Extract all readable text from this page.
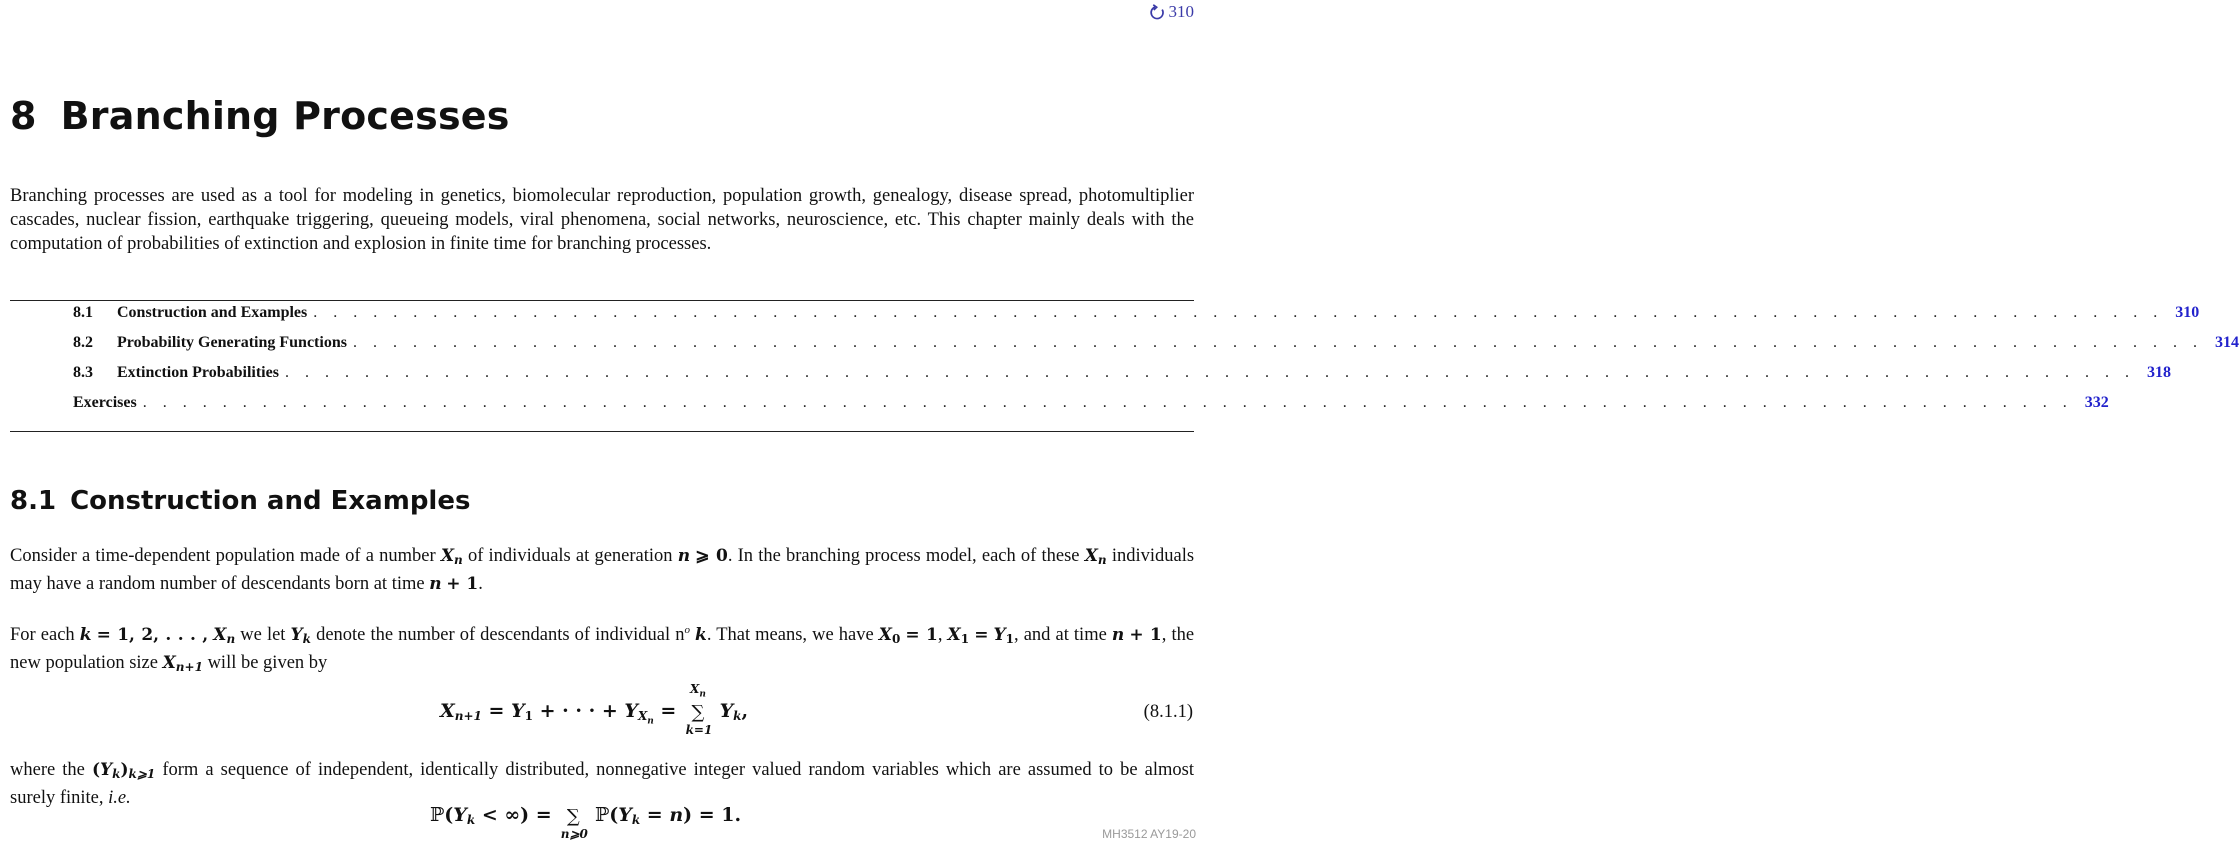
310
8 Branching Processes

Branching processes are used as a tool for modeling in genetics, biomolecular reproduction, population growth, genealogy, disease spread, photomultiplier cascades, nuclear fission, earthquake triggering, queueing models, viral phenomena, social networks, neuroscience, etc. This chapter mainly deals with the computation of probabilities of extinction and explosion in finite time for branching processes.

8.1	Construction and Examples . . . . . . . . . . . . . . . . . . . . . . . . . . . . . . . . . . . . . . . . . . . . . . . . . . . . . . . . . . . . . . . . . . . . . . . . . . . . . . . . . . . . . . . . . . . . . 310
8.2	Probability Generating Functions . . . . . . . . . . . . . . . . . . . . . . . . . . . . . . . . . . . . . . . . . . . . . . . . . . . . . . . . . . . . . . . . . . . . . . . . . . . . . . . . . . . . . . . . . . . . . 314
8.3	Extinction Probabilities . . . . . . . . . . . . . . . . . . . . . . . . . . . . . . . . . . . . . . . . . . . . . . . . . . . . . . . . . . . . . . . . . . . . . . . . . . . . . . . . . . . . . . . . . . . . . 318
Exercises . . . . . . . . . . . . . . . . . . . . . . . . . . . . . . . . . . . . . . . . . . . . . . . . . . . . . . . . . . . . . . . . . . . . . . . . . . . . . . . . . . . . . . . . . . . . . . . . . 332
8.1 Construction and Examples

Consider a time-dependent population made of a number $X_n$ of individuals at generation n ⩾ 0. In the branching process model, each of these $X_n$ individuals may have a random number of descendants born at time n + 1.

For each k = 1, 2, . . . , $X_n$ we let $Y_k$ denote the number of descendants of individual $n^o$ k. That means, we have $X_0 = 1$, $X_1 = Y_1$, and at time n + 1, the new population size $X_{n+1}$ will be given by

$X_{n+1} = Y_1$ + · · · + $Y_{X_n}$ =
$X_n$
∑
k=1
$Y_k$,	(8.1.1)

where the $(Y_k)_{k⩾1}$ form a sequence of independent, identically distributed, nonnegative integer valued random variables which are assumed to be almost surely finite, i.e.

$ℙ(Y_k$ < ∞) = ∑
n⩾0
$ℙ(Y_k = n) = 1$.
MH3512 AY19-20
